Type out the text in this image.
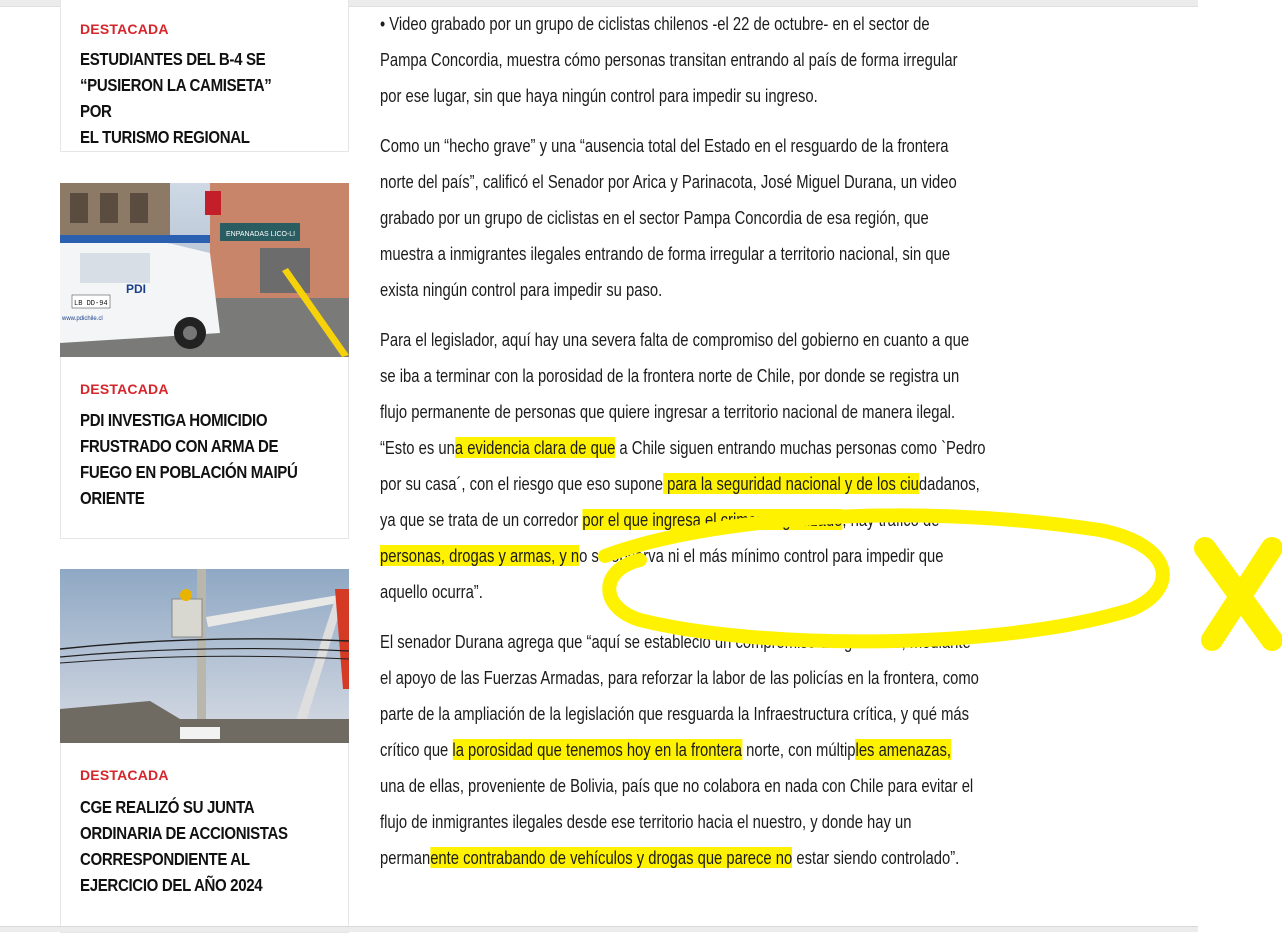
DESTACADA
ESTUDIANTES DEL B-4 SE
“PUSIERON LA CAMISETA” POR
EL TURISMO REGIONAL
ENPANADAS LICO-LI
PDI
LB DD-94
www.pdichile.cl
DESTACADA
PDI INVESTIGA HOMICIDIO
FRUSTRADO CON ARMA DE
FUEGO EN POBLACIÓN MAIPÚ
ORIENTE
DESTACADA
CGE REALIZÓ SU JUNTA
ORDINARIA DE ACCIONISTAS
CORRESPONDIENTE AL
EJERCICIO DEL AÑO 2024

• Video grabado por un grupo de ciclistas chilenos -el 22 de octubre- en el sector de
Pampa Concordia, muestra cómo personas transitan entrando al país de forma irregular
por ese lugar, sin que haya ningún control para impedir su ingreso.

Como un “hecho grave” y una “ausencia total del Estado en el resguardo de la frontera
norte del país”, calificó el Senador por Arica y Parinacota, José Miguel Durana, un video
grabado por un grupo de ciclistas en el sector Pampa Concordia de esa región, que
muestra a inmigrantes ilegales entrando de forma irregular a territorio nacional, sin que
exista ningún control para impedir su paso.

Para el legislador, aquí hay una severa falta de compromiso del gobierno en cuanto a que
se iba a terminar con la porosidad de la frontera norte de Chile, por donde se registra un
flujo permanente de personas que quiere ingresar a territorio nacional de manera ilegal.
“Esto es una evidencia clara de que a Chile siguen entrando muchas personas como `Pedro
por su casa´, con el riesgo que eso supone para la seguridad nacional y de los ciudadanos,
ya que se trata de un corredor por el que ingresa el crimen organizado, hay tráfico de
personas, drogas y armas, y no se observa ni el más mínimo control para impedir que
aquello ocurra”.

El senador Durana agrega que “aquí se estableció un compromiso del gobierno, mediante
el apoyo de las Fuerzas Armadas, para reforzar la labor de las policías en la frontera, como
parte de la ampliación de la legislación que resguarda la Infraestructura crítica, y qué más
crítico que la porosidad que tenemos hoy en la frontera norte, con múltiples amenazas,
una de ellas, proveniente de Bolivia, país que no colabora en nada con Chile para evitar el
flujo de inmigrantes ilegales desde ese territorio hacia el nuestro, y donde hay un
permanente contrabando de vehículos y drogas que parece no estar siendo controlado”.
